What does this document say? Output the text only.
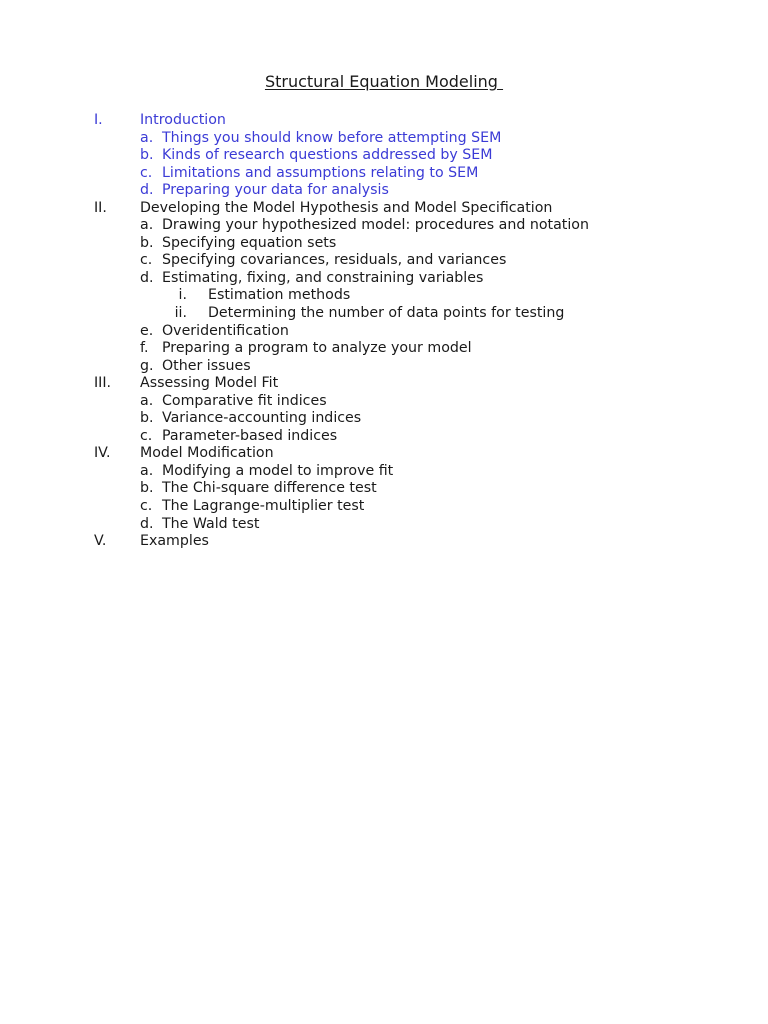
Structural Equation Modeling
I.	Introduction
a. Things you should know before attempting SEM
b. Kinds of research questions addressed by SEM
c. Limitations and assumptions relating to SEM
d. Preparing your data for analysis
II. Developing the Model Hypothesis and Model Specification
a. Drawing your hypothesized model: procedures and notation
b. Specifying equation sets
c. Specifying covariances, residuals, and variances
d. Estimating, fixing, and constraining variables
i. Estimation methods
ii. Determining the number of data points for testing
e. Overidentification
f. Preparing a program to analyze your model
g. Other issues
III. Assessing Model Fit
a. Comparative fit indices
b. Variance-accounting indices
c. Parameter-based indices
IV. Model Modification
a. Modifying a model to improve fit
b. The Chi-square difference test
c. The Lagrange-multiplier test
d. The Wald test
V. Examples
